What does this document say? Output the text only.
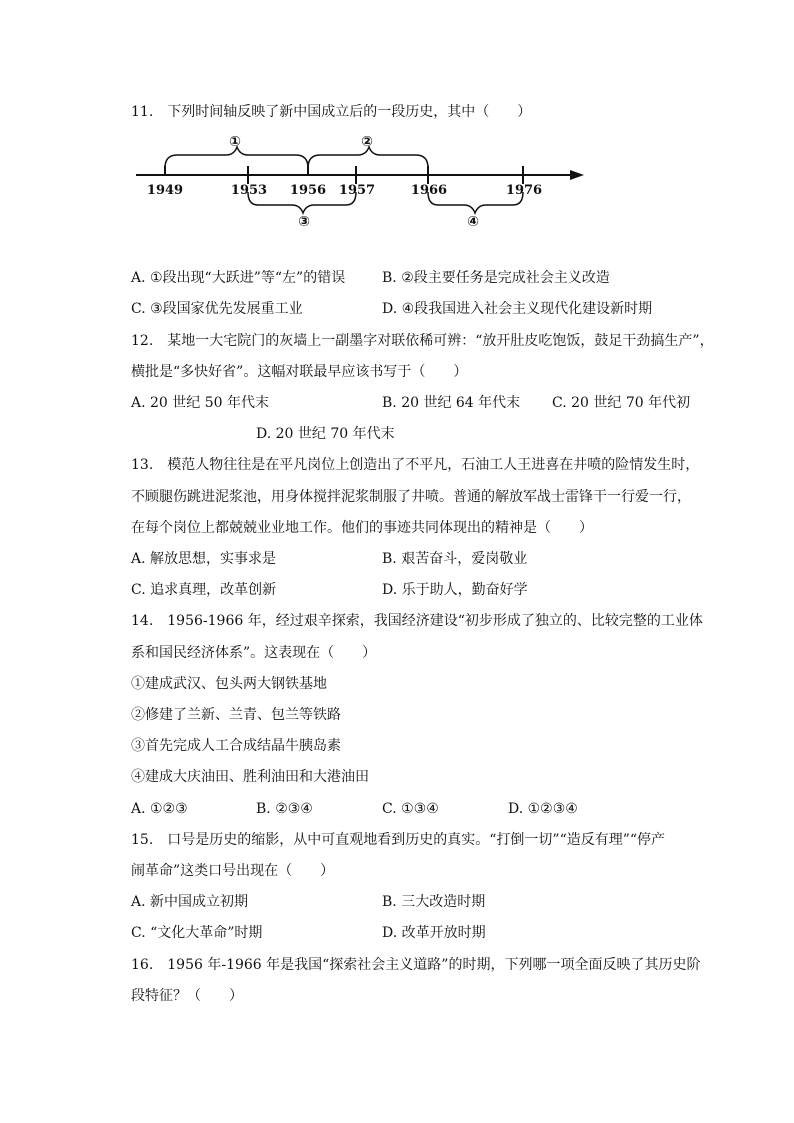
11.　下列时间轴反映了新中国成立后的一段历史，其中（　　）
1949	1953 1956 1957	1966	1976
①	②
③	④
A. ①段出现“大跃进”等“左”的错误	B. ②段主要任务是完成社会主义改造
C. ③段国家优先发展重工业	D. ④段我国进入社会主义现代化建设新时期
12.　某地一大宅院门的灰墙上一副墨字对联依稀可辨：“放开肚皮吃饱饭，鼓足干劲搞生产”，
横批是“多快好省”。这幅对联最早应该书写于（　　）
A. 20 世纪 50 年代末	B. 20 世纪 64 年代末 C. 20 世纪 70 年代初
D. 20 世纪 70 年代末
13.　模范人物往往是在平凡岗位上创造出了不平凡，石油工人王进喜在井喷的险情发生时，
不顾腿伤跳进泥浆池，用身体搅拌泥浆制服了井喷。普通的解放军战士雷锋干一行爱一行，
在每个岗位上都兢兢业业地工作。他们的事迹共同体现出的精神是（　　）
A. 解放思想，实事求是	B. 艰苦奋斗，爱岗敬业
C. 追求真理，改革创新	D. 乐于助人，勤奋好学
14.　1956-1966 年，经过艰辛探索，我国经济建设“初步形成了独立的、比较完整的工业体
系和国民经济体系”。这表现在（　　）
①建成武汉、包头两大钢铁基地
②修建了兰新、兰青、包兰等铁路
③首先完成人工合成结晶牛胰岛素
④建成大庆油田、胜利油田和大港油田
A. ①②③	B. ②③④	C. ①③④	D. ①②③④
15.　口号是历史的缩影，从中可直观地看到历史的真实。“打倒一切”“造反有理”“停产
闹革命”这类口号出现在（　　）
A. 新中国成立初期	B. 三大改造时期
C. “文化大革命”时期	D. 改革开放时期
16.　1956 年-1966 年是我国“探索社会主义道路”的时期，下列哪一项全面反映了其历史阶
段特征？（　　）
